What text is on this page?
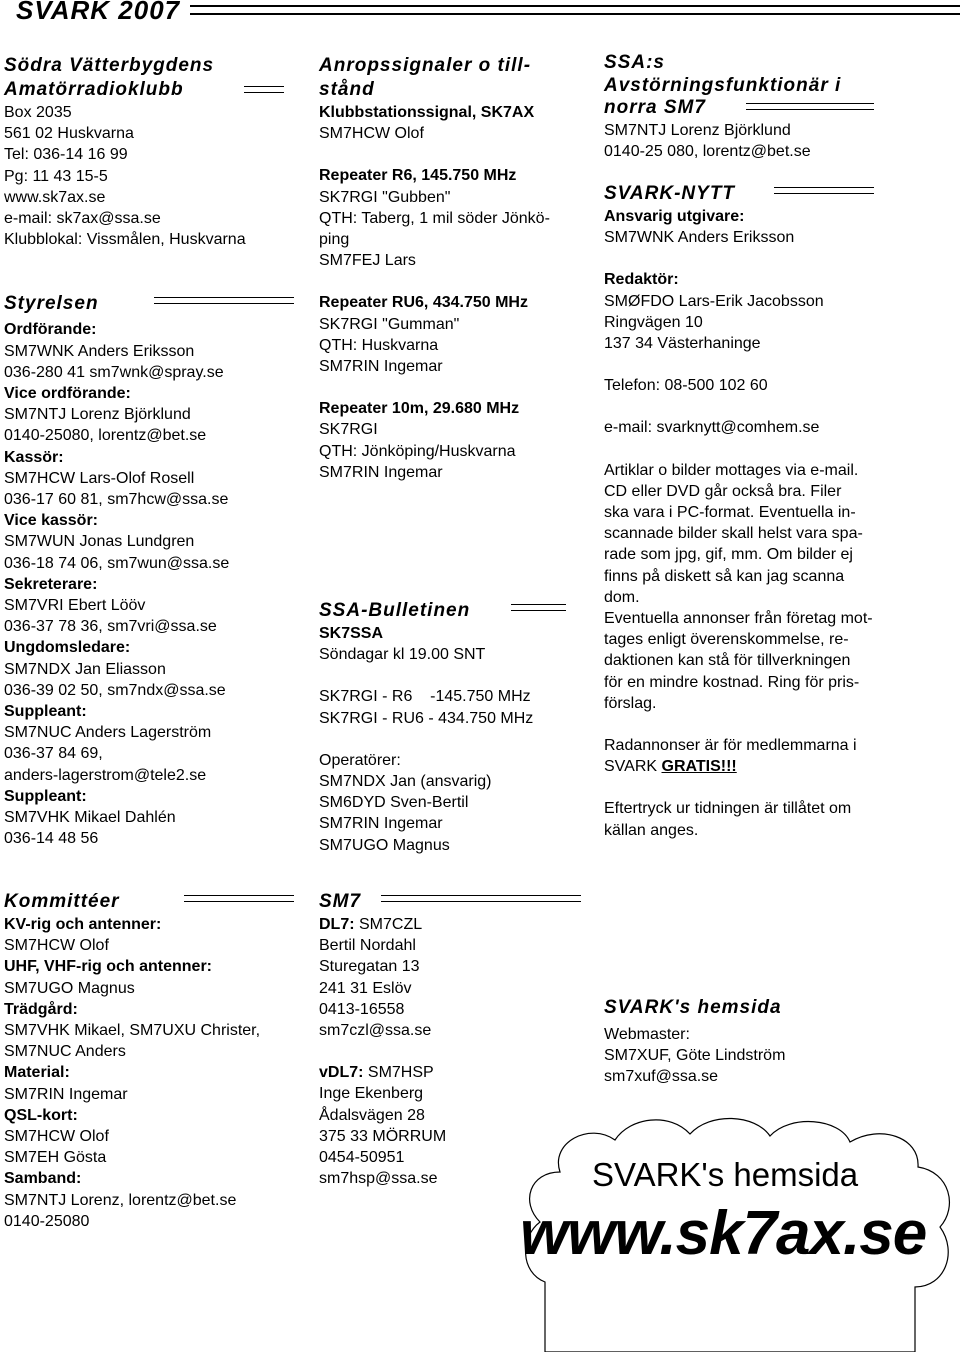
SVARK 2007
Södra Vätterbygdens
Amatörradioklubb
Box 2035
561 02 Huskvarna
Tel: 036-14 16 99
Pg: 11 43 15-5
www.sk7ax.se
e-mail: sk7ax@ssa.se
Klubblokal: Vissmålen, Huskvarna
Styrelsen
Ordförande:
SM7WNK Anders Eriksson
036-280 41 sm7wnk@spray.se
Vice ordförande:
SM7NTJ Lorenz Björklund
0140-25080, lorentz@bet.se
Kassör:
SM7HCW Lars-Olof Rosell
036-17 60 81, sm7hcw@ssa.se
Vice kassör:
SM7WUN Jonas Lundgren
036-18 74 06, sm7wun@ssa.se
Sekreterare:
SM7VRI Ebert Lööv
036-37 78 36, sm7vri@ssa.se
Ungdomsledare:
SM7NDX Jan Eliasson
036-39 02 50, sm7ndx@ssa.se
Suppleant:
SM7NUC Anders Lagerström
036-37 84 69,
anders-lagerstrom@tele2.se
Suppleant:
SM7VHK Mikael Dahlén
036-14 48 56
Kommittéer
KV-rig och antenner:
SM7HCW Olof
UHF, VHF-rig och antenner:
SM7UGO Magnus
Trädgård:
SM7VHK Mikael, SM7UXU Christer,
SM7NUC Anders
Material:
SM7RIN Ingemar
QSL-kort:
SM7HCW Olof
SM7EH Gösta
Samband:
SM7NTJ Lorenz, lorentz@bet.se
0140-25080
Anropssignaler o till-
stånd
Klubbstationssignal, SK7AX
SM7HCW Olof
Repeater R6, 145.750 MHz
SK7RGI "Gubben"
QTH: Taberg, 1 mil söder Jönkö-
ping
SM7FEJ Lars
Repeater RU6, 434.750 MHz
SK7RGI "Gumman"
QTH: Huskvarna
SM7RIN Ingemar
Repeater 10m, 29.680 MHz
SK7RGI
QTH: Jönköping/Huskvarna
SM7RIN Ingemar
SSA-Bulletinen
SK7SSA
Söndagar kl 19.00 SNT
SK7RGI - R6    -145.750 MHz
SK7RGI - RU6 - 434.750 MHz
Operatörer:
SM7NDX Jan (ansvarig)
SM6DYD Sven-Bertil
SM7RIN Ingemar
SM7UGO Magnus
SM7
DL7: SM7CZL
Bertil Nordahl
Sturegatan 13
241 31 Eslöv
0413-16558
sm7czl@ssa.se
vDL7: SM7HSP
Inge Ekenberg
Ådalsvägen 28
375 33 MÖRRUM
0454-50951
sm7hsp@ssa.se
SSA:s
Avstörningsfunktionär i
norra SM7
SM7NTJ Lorenz Björklund
0140-25 080, lorentz@bet.se
SVARK-NYTT
Ansvarig utgivare:
SM7WNK Anders Eriksson
Redaktör:
SMØFDO Lars-Erik Jacobsson
Ringvägen 10
137 34 Västerhaninge
Telefon: 08-500 102 60
e-mail: svarknytt@comhem.se
Artiklar o bilder mottages via e-mail.
CD eller DVD går också bra. Filer
ska vara i PC-format. Eventuella in-
scannade bilder skall helst vara spa-
rade som jpg, gif, mm. Om bilder ej
finns på diskett så kan jag scanna
dom.
Eventuella annonser från företag mot-
tages enligt överenskommelse, re-
daktionen kan stå för tillverkningen
för en mindre kostnad. Ring för pris-
förslag.
Radannonser är för medlemmarna i
SVARK GRATIS!!!
Eftertryck ur tidningen är tillåtet om
källan anges.
SVARK's hemsida
Webmaster:
SM7XUF, Göte Lindström
sm7xuf@ssa.se
SVARK's hemsida
www.sk7ax.se
